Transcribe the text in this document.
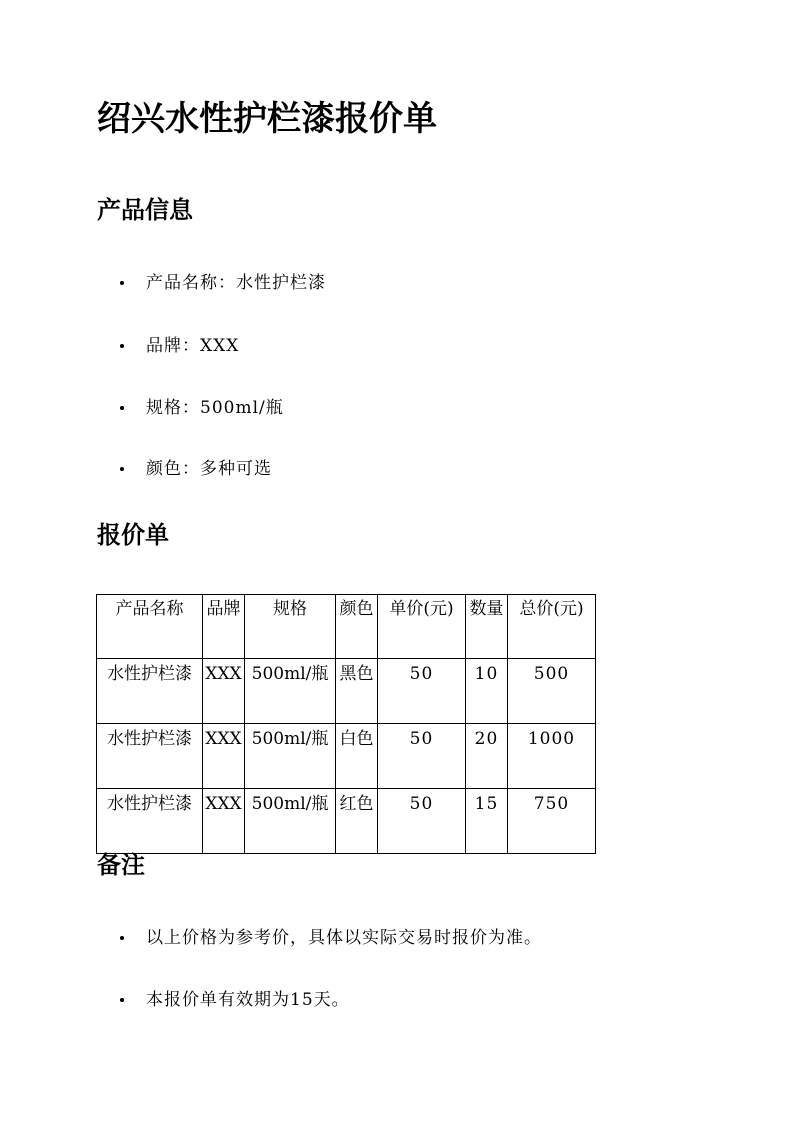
绍兴水性护栏漆报价单
产品信息
产品名称：水性护栏漆
品牌：XXX
规格：500ml/瓶
颜色：多种可选
报价单
产品名称	品牌	规格	颜色	单价(元)	数量	总价(元)
水性护栏漆	XXX	500ml/瓶	黑色	50	10	500
水性护栏漆	XXX	500ml/瓶	白色	50	20	1000
水性护栏漆	XXX	500ml/瓶	红色	50	15	750
备注
以上价格为参考价，具体以实际交易时报价为准。
本报价单有效期为15天。
